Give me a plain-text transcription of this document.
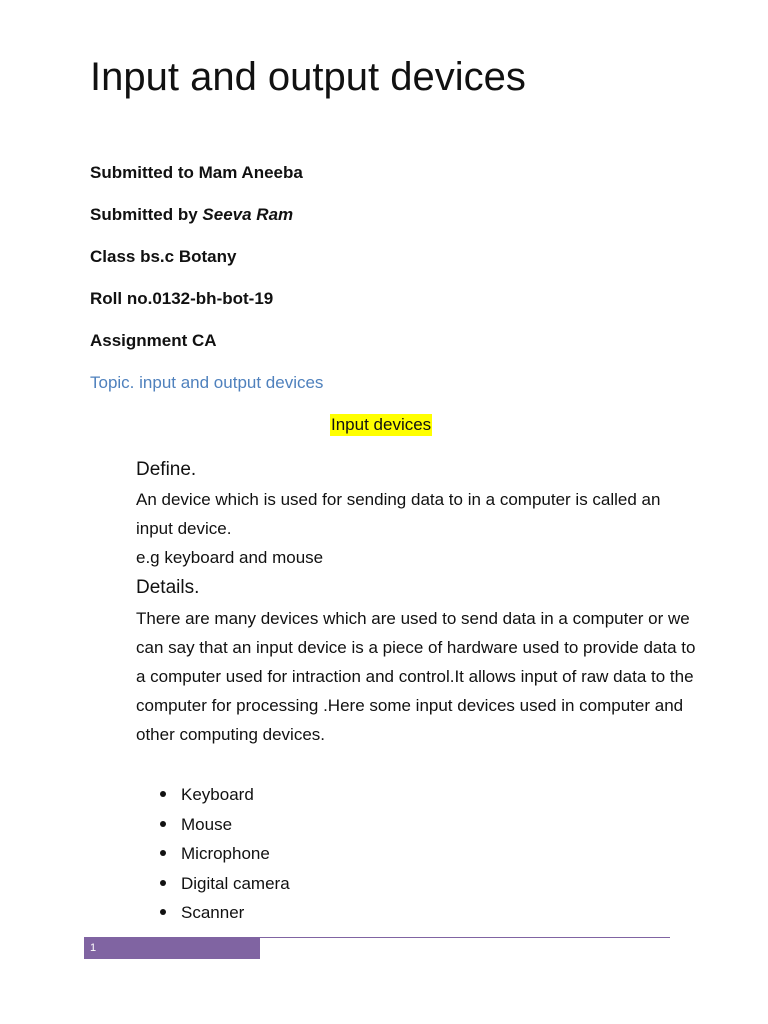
Input and output devices
Submitted to Mam Aneeba
Submitted by Seeva Ram
Class bs.c Botany
Roll no.0132-bh-bot-19
Assignment CA
Topic. input and output devices
Input devices
Define.

An device which is used for sending data to in a computer is called an input device.

e.g keyboard and mouse

Details.

There are many devices which are used to send data in a computer or we can say that an input device is a piece of hardware used to provide data to a computer used for intraction and control.It allows input of raw data to the computer for processing .Here some input devices used in computer and other computing devices.

Keyboard
Mouse
Microphone
Digital camera
Scanner
1
